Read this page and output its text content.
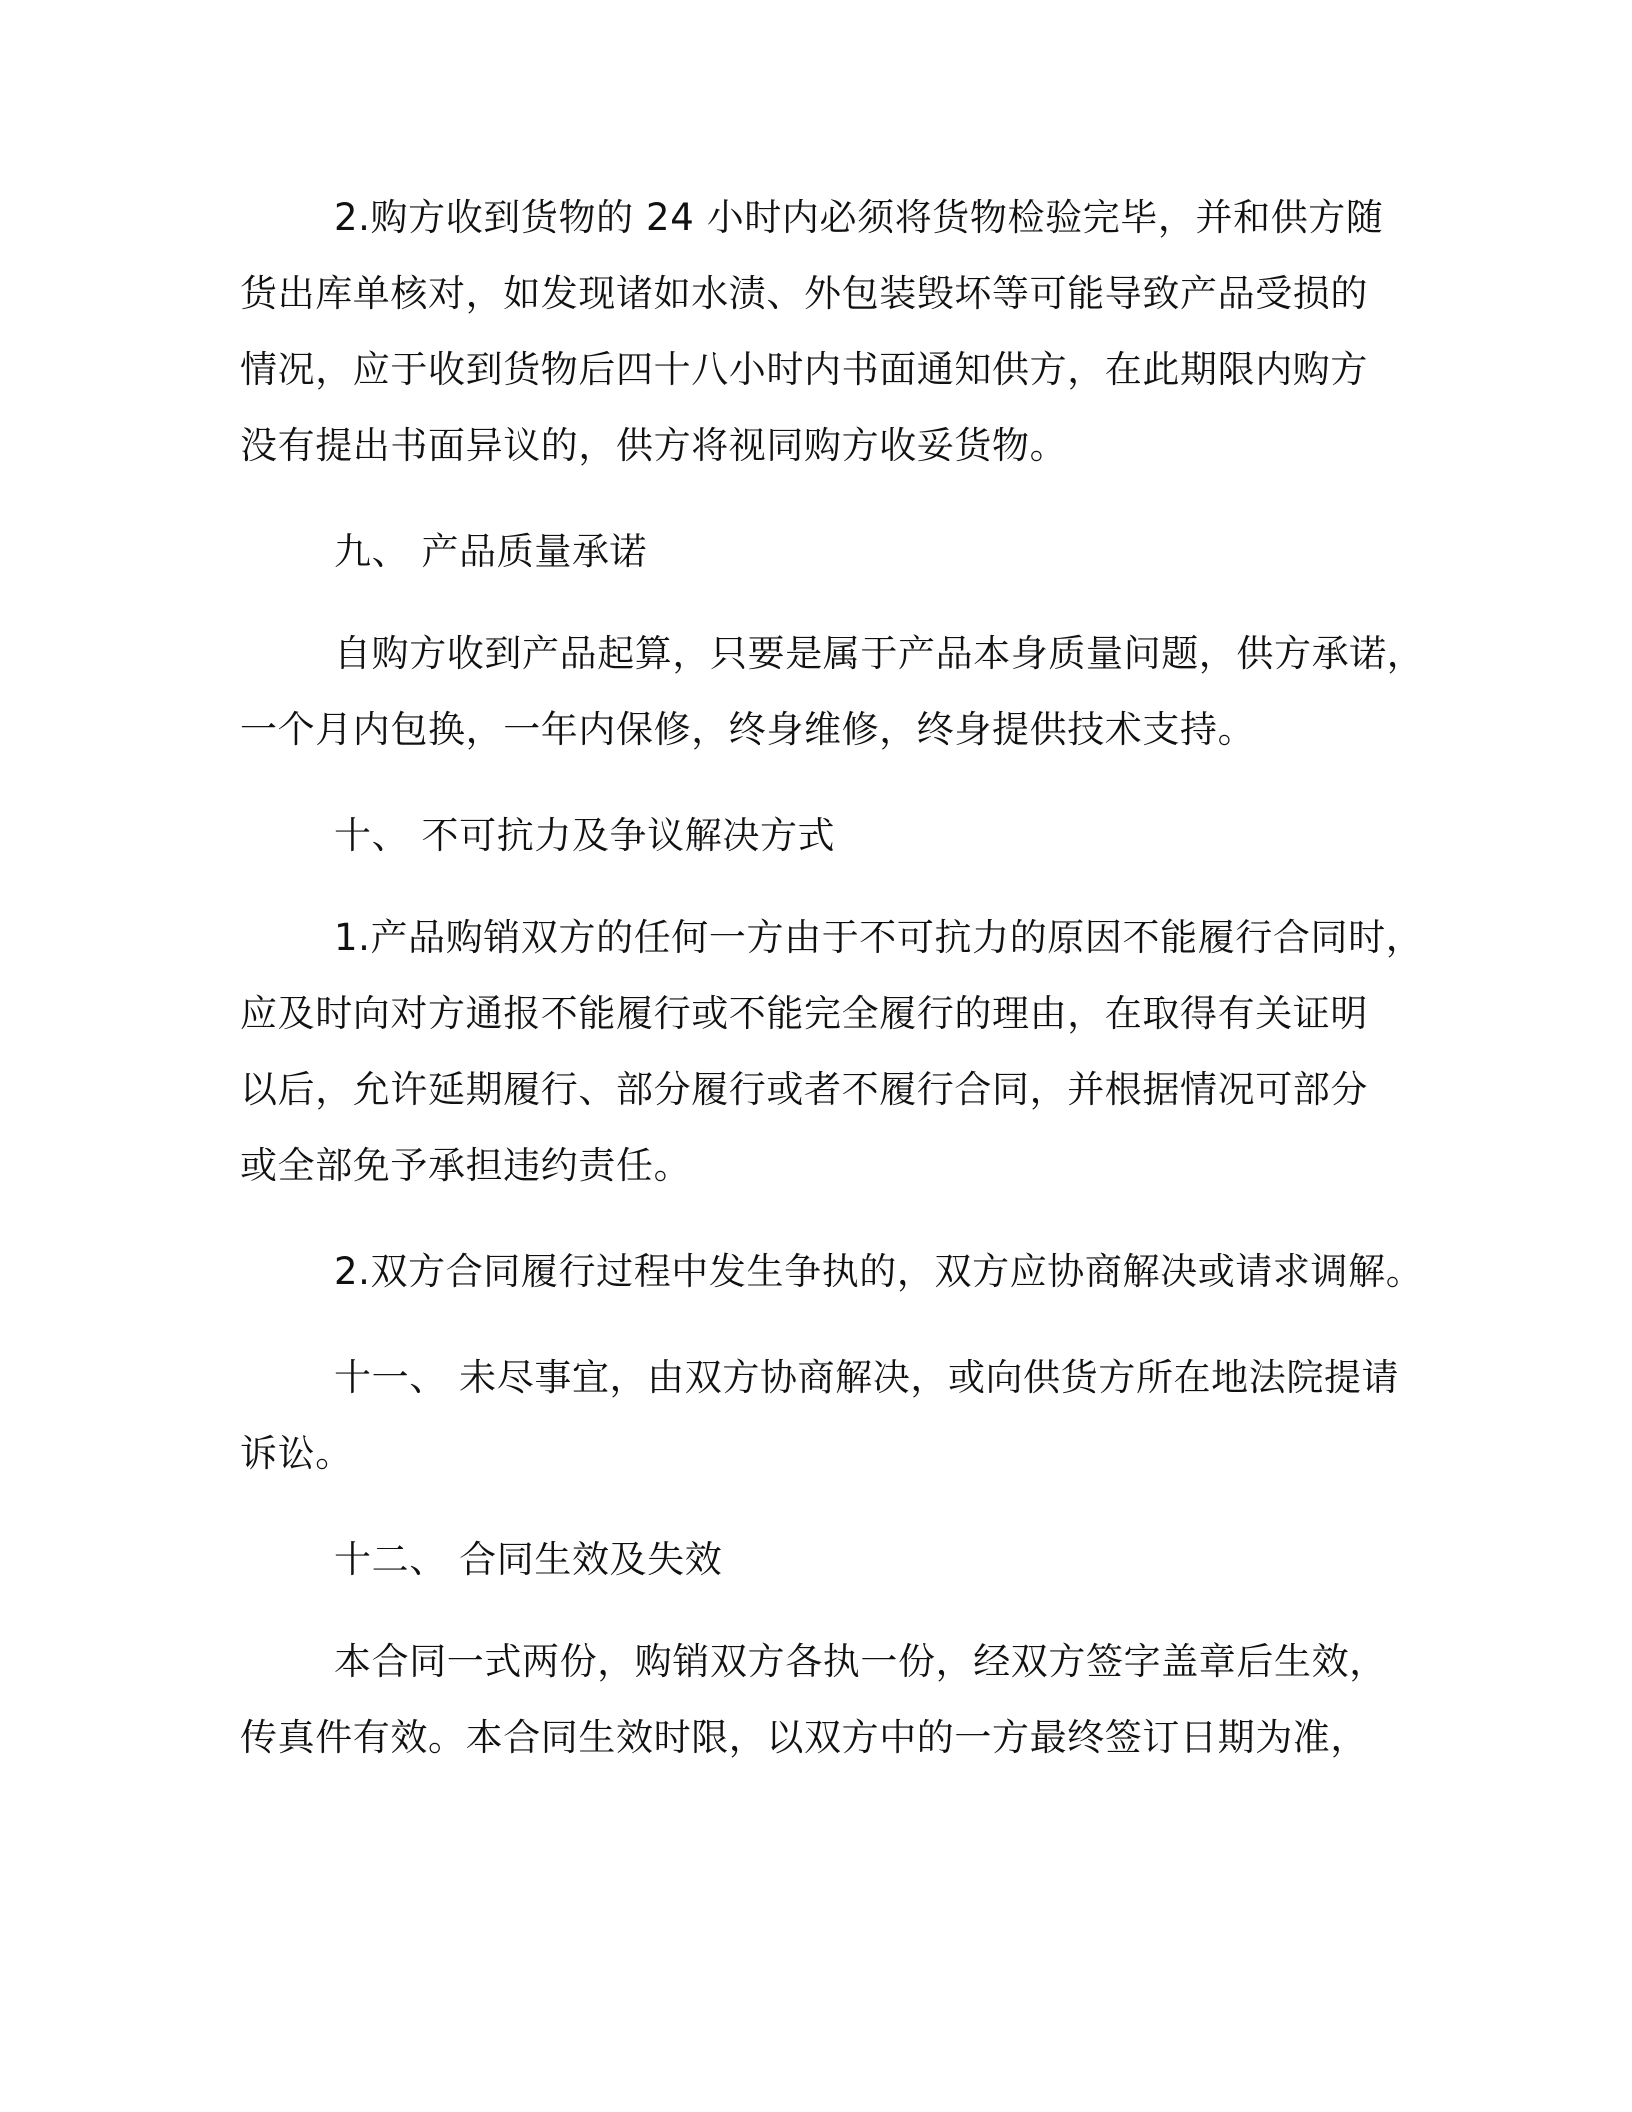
2.购方收到货物的 24 小时内必须将货物检验完毕，并和供方随
货出库单核对，如发现诸如水渍、外包装毁坏等可能导致产品受损的
情况，应于收到货物后四十八小时内书面通知供方，在此期限内购方
没有提出书面异议的，供方将视同购方收妥货物。
九、 产品质量承诺
自购方收到产品起算，只要是属于产品本身质量问题，供方承诺，
一个月内包换，一年内保修，终身维修，终身提供技术支持。
十、 不可抗力及争议解决方式
1.产品购销双方的任何一方由于不可抗力的原因不能履行合同时，
应及时向对方通报不能履行或不能完全履行的理由，在取得有关证明
以后，允许延期履行、部分履行或者不履行合同，并根据情况可部分
或全部免予承担违约责任。
2.双方合同履行过程中发生争执的，双方应协商解决或请求调解。
十一、 未尽事宜，由双方协商解决，或向供货方所在地法院提请
诉讼。
十二、 合同生效及失效
本合同一式两份，购销双方各执一份，经双方签字盖章后生效，
传真件有效。本合同生效时限，以双方中的一方最终签订日期为准，
